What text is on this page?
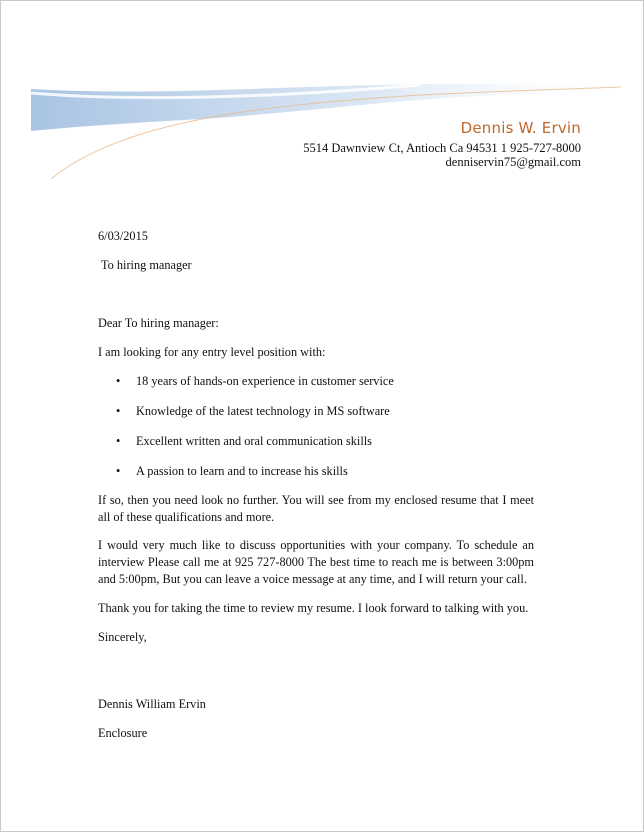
Dennis W. Ervin
5514 Dawnview Ct, Antioch Ca 94531 1 925-727-8000
denniservin75@gmail.com
6/03/2015
To hiring manager
Dear To hiring manager:
I am looking for any entry level position with:
• 18 years of hands-on experience in customer service
• Knowledge of the latest technology in MS software
• Excellent written and oral communication skills
• A passion to learn and to increase his skills
If so, then you need look no further. You will see from my enclosed resume that I meet all of these qualifications and more.
I would very much like to discuss opportunities with your company. To schedule an interview Please call me at 925 727-8000 The best time to reach me is between 3:00pm and 5:00pm, But you can leave a voice message at any time, and I will return your call.
Thank you for taking the time to review my resume. I look forward to talking with you.
Sincerely,
Dennis William Ervin
Enclosure
